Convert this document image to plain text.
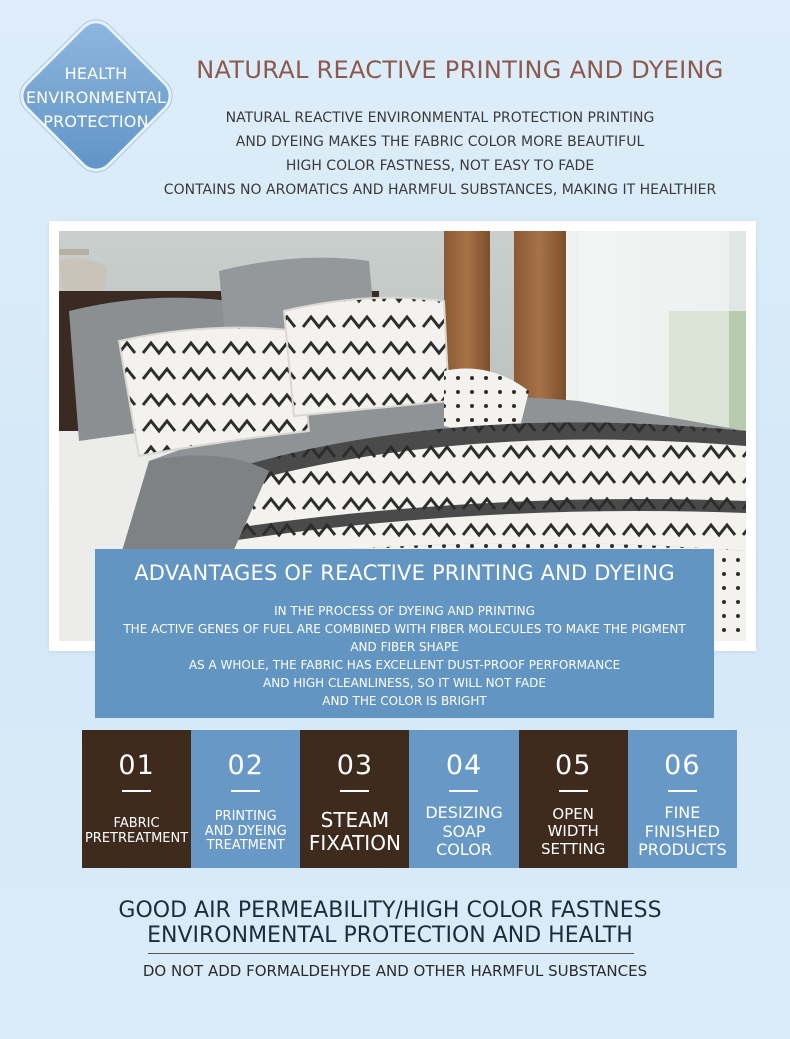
HEALTH
ENVIRONMENTAL
PROTECTION
NATURAL REACTIVE PRINTING AND DYEING
NATURAL REACTIVE ENVIRONMENTAL PROTECTION PRINTING
AND DYEING MAKES THE FABRIC COLOR MORE BEAUTIFUL
HIGH COLOR FASTNESS, NOT EASY TO FADE
CONTAINS NO AROMATICS AND HARMFUL SUBSTANCES, MAKING IT HEALTHIER
ADVANTAGES OF REACTIVE PRINTING AND DYEING
IN THE PROCESS OF DYEING AND PRINTING
THE ACTIVE GENES OF FUEL ARE COMBINED WITH FIBER MOLECULES TO MAKE THE PIGMENT
AND FIBER SHAPE
AS A WHOLE, THE FABRIC HAS EXCELLENT DUST-PROOF PERFORMANCE
AND HIGH CLEANLINESS, SO IT WILL NOT FADE
AND THE COLOR IS BRIGHT
01
FABRIC
PRETREATMENT
02
PRINTING
AND DYEING
TREATMENT
03
STEAM
FIXATION
04
DESIZING
SOAP
COLOR
05
OPEN
WIDTH
SETTING
06
FINE
FINISHED
PRODUCTS
GOOD AIR PERMEABILITY/HIGH COLOR FASTNESS
ENVIRONMENTAL PROTECTION AND HEALTH
DO NOT ADD FORMALDEHYDE AND OTHER HARMFUL SUBSTANCES
